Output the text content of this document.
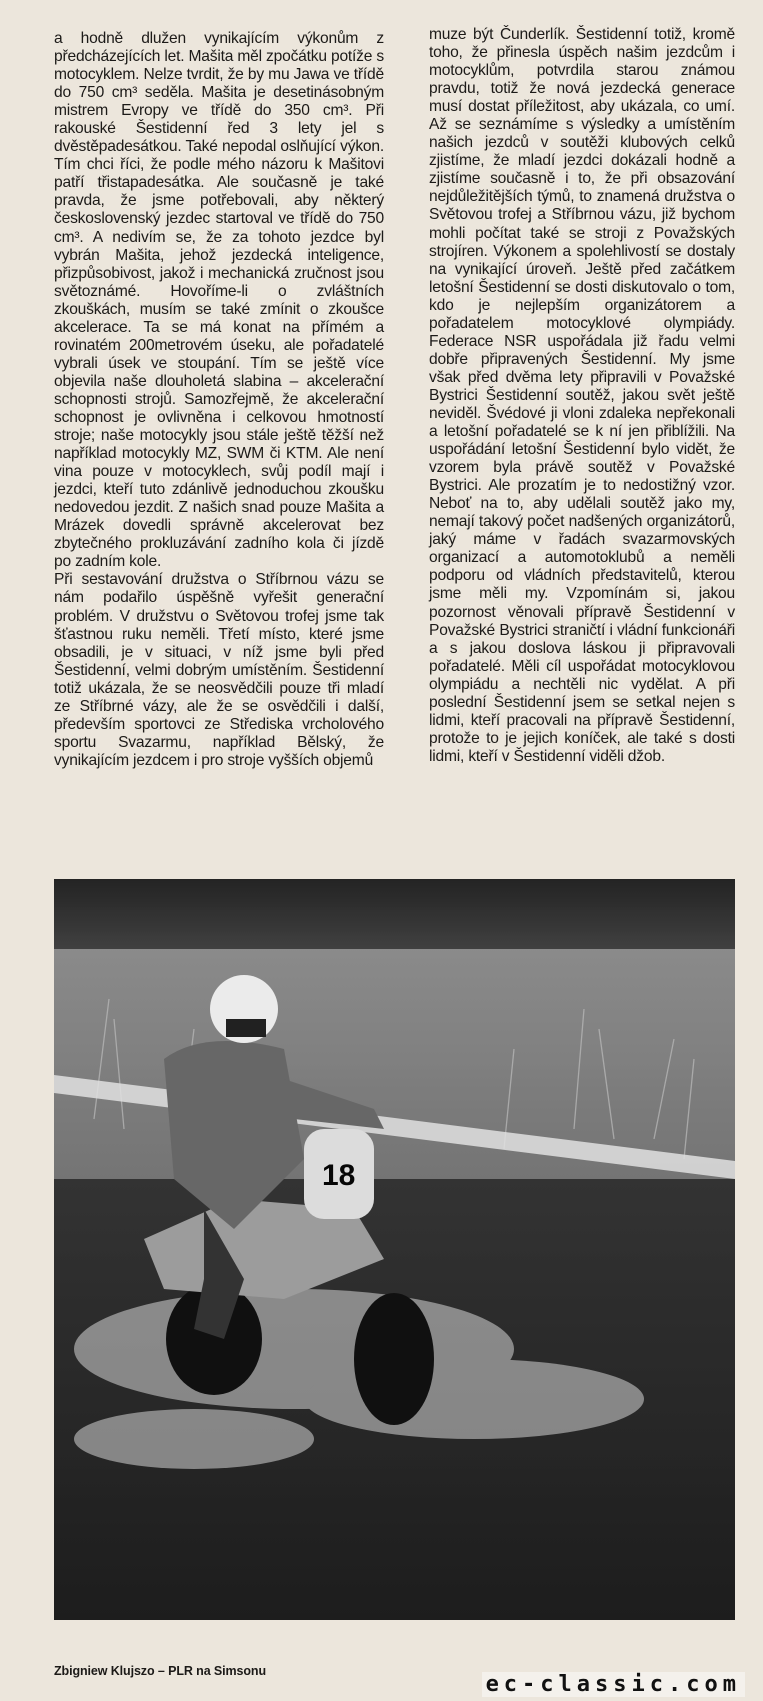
a hodně dlužen vynikajícím výkonům z předcházejících let. Mašita měl zpočátku potíže s motocyklem. Nelze tvrdit, že by mu Jawa ve třídě do 750 cm³ seděla. Mašita je desetinásobným mistrem Evropy ve třídě do 350 cm³. Při rakouské Šestidenní řed 3 lety jel s dvěstěpadesátkou. Také nepodal oslňující výkon. Tím chci říci, že podle mého názoru k Mašitovi patří třistapadesátka. Ale současně je také pravda, že jsme potřebovali, aby některý československý jezdec startoval ve třídě do 750 cm³. A nedivím se, že za tohoto jezdce byl vybrán Mašita, jehož jezdecká inteligence, přizpůsobivost, jakož i mechanická zručnost jsou světoznámé. Hovoříme-li o zvláštních zkouškách, musím se také zmínit o zkoušce akcelerace. Ta se má konat na přímém a rovinatém 200metrovém úseku, ale pořadatelé vybrali úsek ve stoupání. Tím se ještě více objevila naše dlouholetá slabina – akcelerační schopnosti strojů. Samozřejmě, že akcelerační schopnost je ovlivněna i celkovou hmotností stroje; naše motocykly jsou stále ještě těžší než například motocykly MZ, SWM či KTM. Ale není vina pouze v motocyklech, svůj podíl mají i jezdci, kteří tuto zdánlivě jednoduchou zkoušku nedovedou jezdit. Z našich snad pouze Mašita a Mrázek dovedli správně akcelerovat bez zbytečného prokluzávání zadního kola či jízdě po zadním kole.

Při sestavování družstva o Stříbrnou vázu se nám podařilo úspěšně vyřešit generační problém. V družstvu o Světovou trofej jsme tak šťastnou ruku neměli. Třetí místo, které jsme obsadili, je v situaci, v níž jsme byli před Šestidenní, velmi dobrým umístěním. Šestidenní totiž ukázala, že se neosvědčili pouze tři mladí ze Stříbrné vázy, ale že se osvědčili i další, především sportovci ze Střediska vrcholového sportu Svazarmu, například Bělský, že vynikajícím jezdcem i pro stroje vyšších objemů

muze být Čunderlík. Šestidenní totiž, kromě toho, že přinesla úspěch našim jezdcům i motocyklům, potvrdila starou známou pravdu, totiž že nová jezdecká generace musí dostat příležitost, aby ukázala, co umí. Až se seznámíme s výsledky a umístěním našich jezdců v soutěži klubových celků zjistíme, že mladí jezdci dokázali hodně a zjistíme současně i to, že při obsazování nejdůležitějších týmů, to znamená družstva o Světovou trofej a Stříbrnou vázu, již bychom mohli počítat také se stroji z Považských strojíren. Výkonem a spolehlivostí se dostaly na vynikající úroveň. Ještě před začátkem letošní Šestidenní se dosti diskutovalo o tom, kdo je nejlepším organizátorem a pořadatelem motocyklové olympiády. Federace NSR uspořádala již řadu velmi dobře připravených Šestidenní. My jsme však před dvěma lety připravili v Považské Bystrici Šestidenní soutěž, jakou svět ještě neviděl. Švédové ji vloni zdaleka nepřekonali a letošní pořadatelé se k ní jen přiblížili. Na uspořádání letošní Šestidenní bylo vidět, že vzorem byla právě soutěž v Považské Bystrici. Ale prozatím je to nedostižný vzor. Neboť na to, aby udělali soutěž jako my, nemají takový počet nadšených organizátorů, jaký máme v řadách svazarmovských organizací a automotoklubů a neměli podporu od vládních představitelů, kterou jsme měli my. Vzpomínám si, jakou pozornost věnovali přípravě Šestidenní v Považské Bystrici straničtí i vládní funkcionáři a s jakou doslova láskou ji připravovali pořadatelé. Měli cíl uspořádat motocyklovou olympiádu a nechtěli nic vydělat. A při poslední Šestidenní jsem se setkal nejen s lidmi, kteří pracovali na přípravě Šestidenní, protože to je jejich koníček, ale také s dosti lidmi, kteří v Šestidenní viděli džob.

18
Zbigniew Klujszo – PLR na Simsonu
ec-classic.com
